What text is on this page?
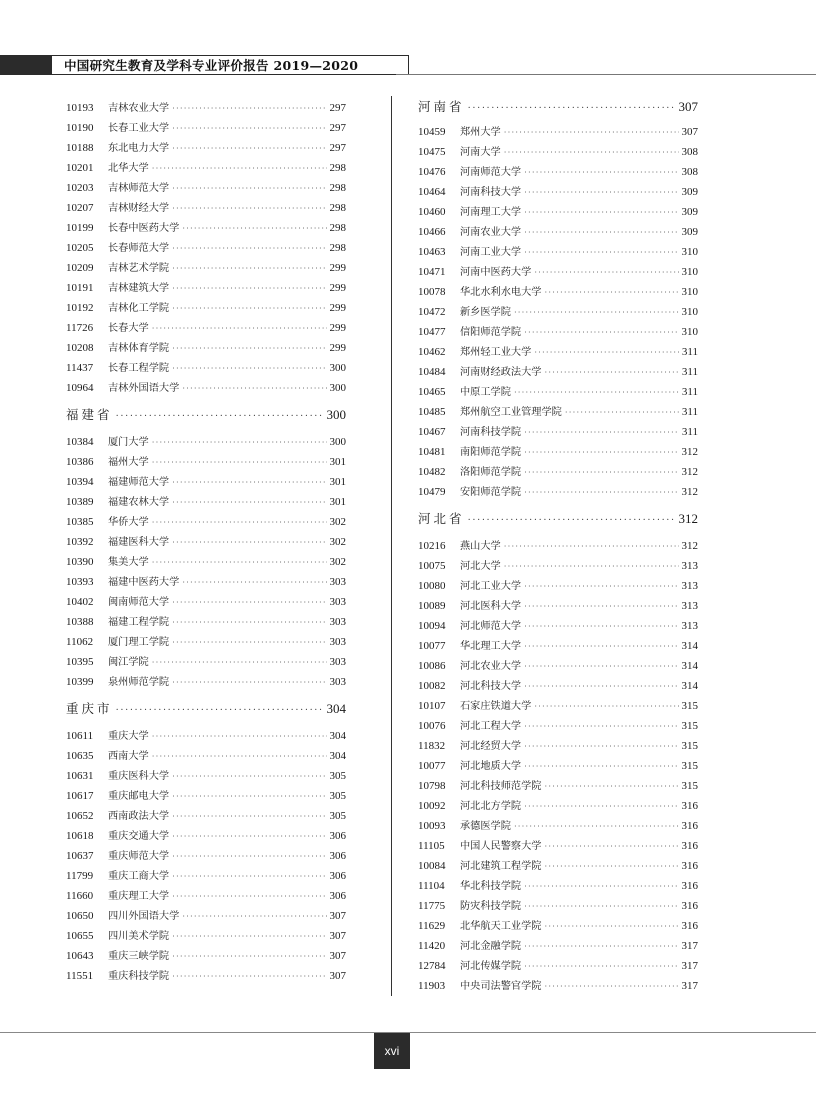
中国研究生教育及学科专业评价报告 2019—2020
10193	吉林农业大学 ·····	297
10190	长春工业大学 ·····	297
10188	东北电力大学 ·····	297
10201	北华大学 ·····	298
10203	吉林师范大学 ·····	298
10207	吉林财经大学 ·····	298
10199	长春中医药大学 ·····	298
10205	长春师范大学 ·····	298
10209	吉林艺术学院 ·····	299
10191	吉林建筑大学 ·····	299
10192	吉林化工学院 ·····	299
11726	长春大学 ·····	299
10208	吉林体育学院 ·····	299
11437	长春工程学院 ·····	300
10964	吉林外国语大学 ·····	300
福建省 ·····	300
10384	厦门大学 ·····	300
10386	福州大学 ·····	301
10394	福建师范大学 ·····	301
10389	福建农林大学 ·····	301
10385	华侨大学 ·····	302
10392	福建医科大学 ·····	302
10390	集美大学 ·····	302
10393	福建中医药大学 ·····	303
10402	闽南师范大学 ·····	303
10388	福建工程学院 ·····	303
11062	厦门理工学院 ·····	303
10395	闽江学院 ·····	303
10399	泉州师范学院 ·····	303
重庆市 ·····	304
10611	重庆大学 ·····	304
10635	西南大学 ·····	304
10631	重庆医科大学 ·····	305
10617	重庆邮电大学 ·····	305
10652	西南政法大学 ·····	305
10618	重庆交通大学 ·····	306
10637	重庆师范大学 ·····	306
11799	重庆工商大学 ·····	306
11660	重庆理工大学 ·····	306
10650	四川外国语大学 ·····	307
10655	四川美术学院 ·····	307
10643	重庆三峡学院 ·····	307
11551	重庆科技学院 ·····	307
河南省 ·····	307
10459	郑州大学 ·····	307
10475	河南大学 ·····	308
10476	河南师范大学 ·····	308
10464	河南科技大学 ·····	309
10460	河南理工大学 ·····	309
10466	河南农业大学 ·····	309
10463	河南工业大学 ·····	310
10471	河南中医药大学 ·····	310
10078	华北水利水电大学 ·····	310
10472	新乡医学院 ·····	310
10477	信阳师范学院 ·····	310
10462	郑州轻工业大学 ·····	311
10484	河南财经政法大学 ·····	311
10465	中原工学院 ·····	311
10485	郑州航空工业管理学院 ·····	311
10467	河南科技学院 ·····	311
10481	南阳师范学院 ·····	312
10482	洛阳师范学院 ·····	312
10479	安阳师范学院 ·····	312
河北省 ·····	312
10216	燕山大学 ·····	312
10075	河北大学 ·····	313
10080	河北工业大学 ·····	313
10089	河北医科大学 ·····	313
10094	河北师范大学 ·····	313
10077	华北理工大学 ·····	314
10086	河北农业大学 ·····	314
10082	河北科技大学 ·····	314
10107	石家庄铁道大学 ·····	315
10076	河北工程大学 ·····	315
11832	河北经贸大学 ·····	315
10077	河北地质大学 ·····	315
10798	河北科技师范学院 ·····	315
10092	河北北方学院 ·····	316
10093	承德医学院 ·····	316
11105	中国人民警察大学 ·····	316
10084	河北建筑工程学院 ·····	316
11104	华北科技学院 ·····	316
11775	防灾科技学院 ·····	316
11629	北华航天工业学院 ·····	316
11420	河北金融学院 ·····	317
12784	河北传媒学院 ·····	317
11903	中央司法警官学院 ·····	317
xvi
